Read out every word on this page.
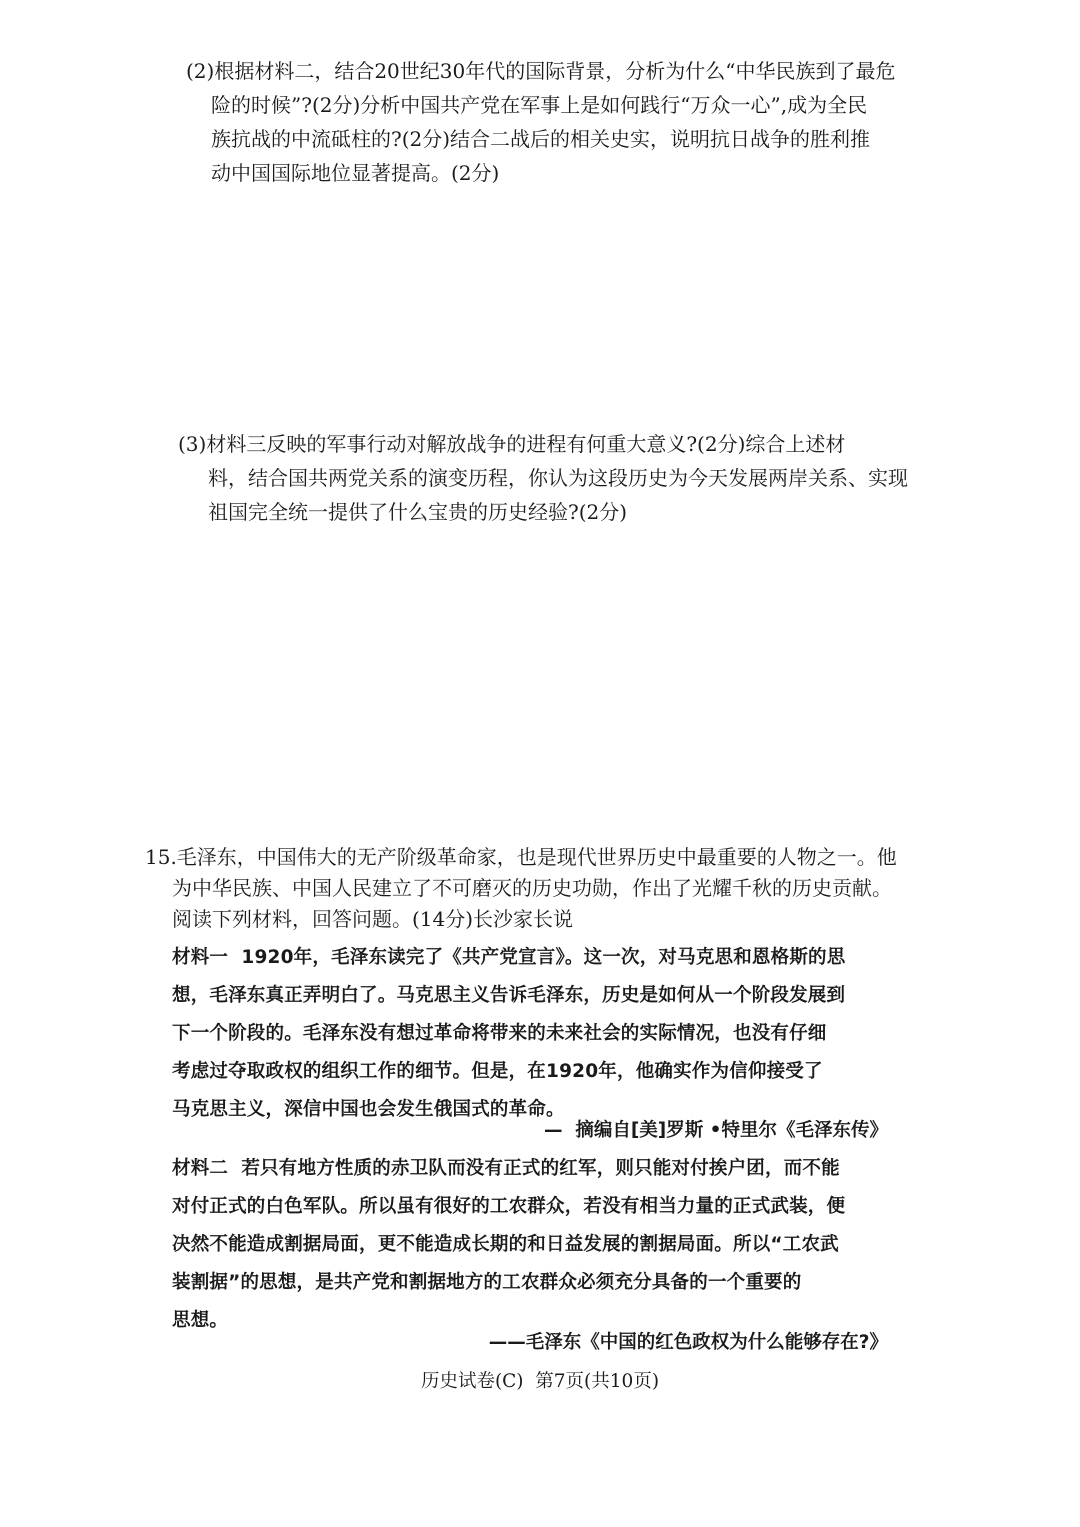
(2)根据材料二，结合20世纪30年代的国际背景，分析为什么“中华民族到了最危
险的时候”?(2分)分析中国共产党在军事上是如何践行“万众一心”,成为全民
族抗战的中流砥柱的?(2分)结合二战后的相关史实，说明抗日战争的胜利推
动中国国际地位显著提高。(2分)
(3)材料三反映的军事行动对解放战争的进程有何重大意义?(2分)综合上述材
料，结合国共两党关系的演变历程，你认为这段历史为今天发展两岸关系、实现
祖国完全统一提供了什么宝贵的历史经验?(2分)
15.毛泽东，中国伟大的无产阶级革命家，也是现代世界历史中最重要的人物之一。他
为中华民族、中国人民建立了不可磨灭的历史功勋，作出了光耀千秋的历史贡献。
阅读下列材料，回答问题。(14分)长沙家长说
材料一  1920年，毛泽东读完了《共产党宣言》。这一次，对马克思和恩格斯的思
想，毛泽东真正弄明白了。马克思主义告诉毛泽东，历史是如何从一个阶段发展到
下一个阶段的。毛泽东没有想过革命将带来的未来社会的实际情况，也没有仔细
考虑过夺取政权的组织工作的细节。但是，在1920年，他确实作为信仰接受了
马克思主义，深信中国也会发生俄国式的革命。
—  摘编自[美]罗斯 •特里尔《毛泽东传》
材料二  若只有地方性质的赤卫队而没有正式的红军，则只能对付挨户团，而不能
对付正式的白色军队。所以虽有很好的工农群众，若没有相当力量的正式武装，便
决然不能造成割据局面，更不能造成长期的和日益发展的割据局面。所以“工农武
装割据”的思想，是共产党和割据地方的工农群众必须充分具备的一个重要的
思想。
——毛泽东《中国的红色政权为什么能够存在?》
历史试卷(C)  第7页(共10页)
